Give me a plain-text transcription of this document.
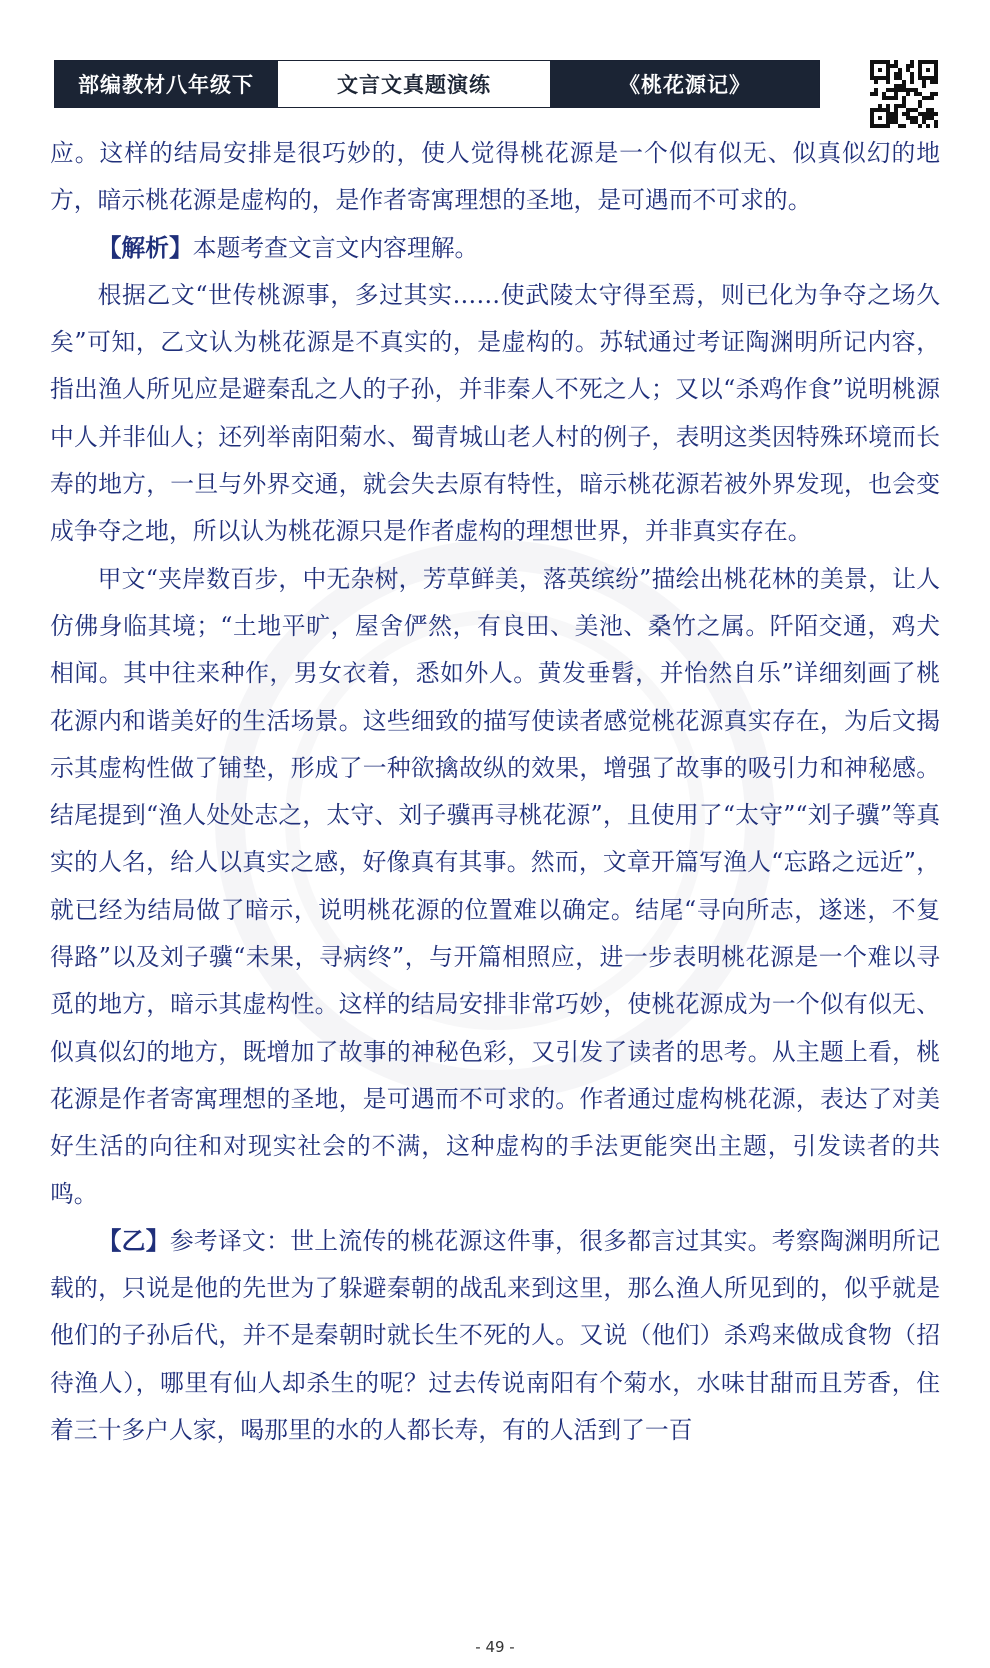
部编教材八年级下	文言文真题演练	《桃花源记》

应。这样的结局安排是很巧妙的，使人觉得桃花源是一个似有似无、似真似幻的地方，暗示桃花源是虚构的，是作者寄寓理想的圣地，是可遇而不可求的。

【解析】本题考查文言文内容理解。

根据乙文“世传桃源事，多过其实……使武陵太守得至焉，则已化为争夺之场久矣”可知，乙文认为桃花源是不真实的，是虚构的。苏轼通过考证陶渊明所记内容，指出渔人所见应是避秦乱之人的子孙，并非秦人不死之人；又以“杀鸡作食”说明桃源中人并非仙人；还列举南阳菊水、蜀青城山老人村的例子，表明这类因特殊环境而长寿的地方，一旦与外界交通，就会失去原有特性，暗示桃花源若被外界发现，也会变成争夺之地，所以认为桃花源只是作者虚构的理想世界，并非真实存在。

甲文“夹岸数百步，中无杂树，芳草鲜美，落英缤纷”描绘出桃花林的美景，让人仿佛身临其境；“土地平旷，屋舍俨然，有良田、美池、桑竹之属。阡陌交通，鸡犬相闻。其中往来种作，男女衣着，悉如外人。黄发垂髫，并怡然自乐”详细刻画了桃花源内和谐美好的生活场景。这些细致的描写使读者感觉桃花源真实存在，为后文揭示其虚构性做了铺垫，形成了一种欲擒故纵的效果，增强了故事的吸引力和神秘感。结尾提到“渔人处处志之，太守、刘子骥再寻桃花源”，且使用了“太守”“刘子骥”等真实的人名，给人以真实之感，好像真有其事。然而，文章开篇写渔人“忘路之远近”，就已经为结局做了暗示，说明桃花源的位置难以确定。结尾“寻向所志，遂迷，不复得路”以及刘子骥“未果，寻病终”，与开篇相照应，进一步表明桃花源是一个难以寻觅的地方，暗示其虚构性。这样的结局安排非常巧妙，使桃花源成为一个似有似无、似真似幻的地方，既增加了故事的神秘色彩，又引发了读者的思考。从主题上看，桃花源是作者寄寓理想的圣地，是可遇而不可求的。作者通过虚构桃花源，表达了对美好生活的向往和对现实社会的不满，这种虚构的手法更能突出主题，引发读者的共鸣。

【乙】参考译文：世上流传的桃花源这件事，很多都言过其实。考察陶渊明所记载的，只说是他的先世为了躲避秦朝的战乱来到这里，那么渔人所见到的，似乎就是他们的子孙后代，并不是秦朝时就长生不死的人。又说（他们）杀鸡来做成食物（招待渔人），哪里有仙人却杀生的呢？过去传说南阳有个菊水，水味甘甜而且芳香，住着三十多户人家，喝那里的水的人都长寿，有的人活到了一百

- 49 -
